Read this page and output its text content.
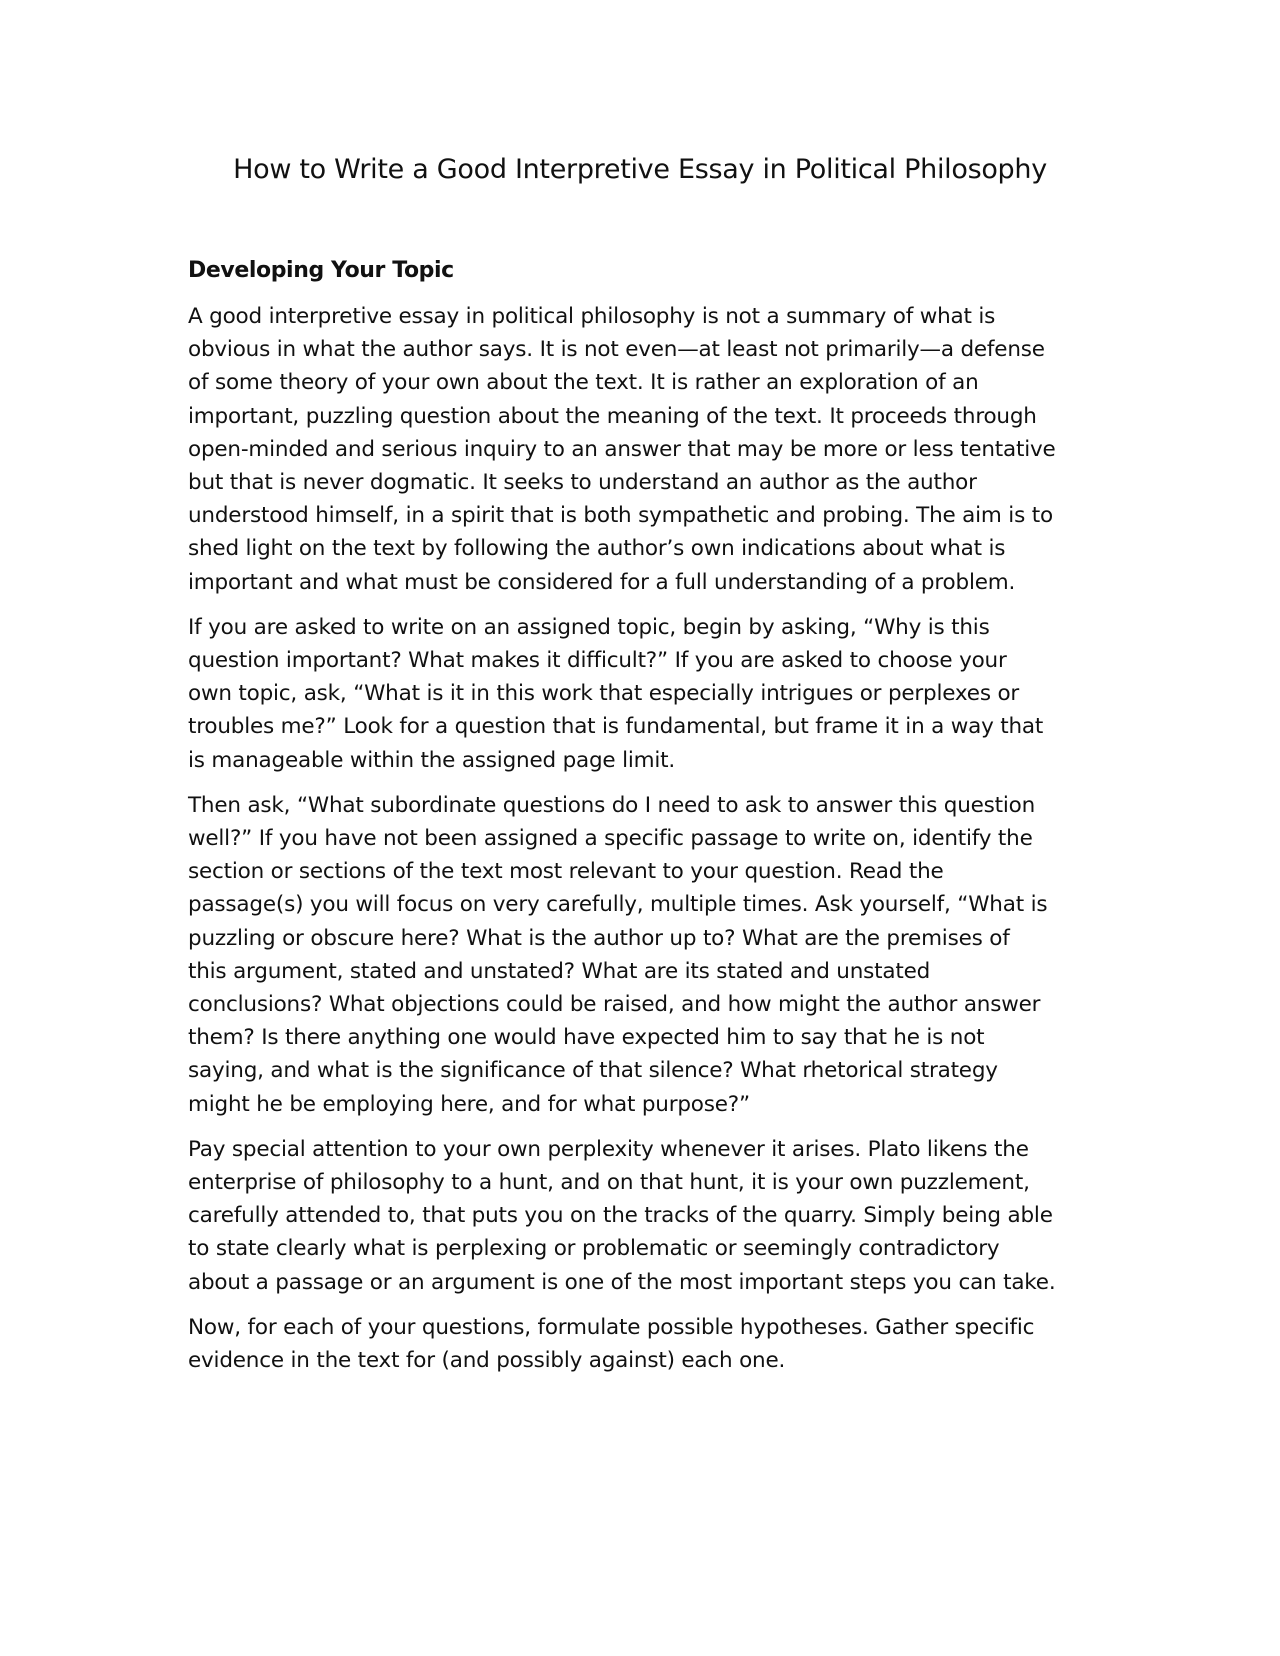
How to Write a Good Interpretive Essay in Political Philosophy
Developing Your Topic

A good interpretive essay in political philosophy is not a summary of what is
obvious in what the author says. It is not even—at least not primarily—a defense
of some theory of your own about the text. It is rather an exploration of an
important, puzzling question about the meaning of the text. It proceeds through
open-minded and serious inquiry to an answer that may be more or less tentative
but that is never dogmatic. It seeks to understand an author as the author
understood himself, in a spirit that is both sympathetic and probing. The aim is to
shed light on the text by following the author’s own indications about what is
important and what must be considered for a full understanding of a problem.

If you are asked to write on an assigned topic, begin by asking, “Why is this
question important? What makes it difficult?” If you are asked to choose your
own topic, ask, “What is it in this work that especially intrigues or perplexes or
troubles me?” Look for a question that is fundamental, but frame it in a way that
is manageable within the assigned page limit.

Then ask, “What subordinate questions do I need to ask to answer this question
well?” If you have not been assigned a specific passage to write on, identify the
section or sections of the text most relevant to your question. Read the
passage(s) you will focus on very carefully, multiple times. Ask yourself, “What is
puzzling or obscure here? What is the author up to? What are the premises of
this argument, stated and unstated? What are its stated and unstated
conclusions? What objections could be raised, and how might the author answer
them? Is there anything one would have expected him to say that he is not
saying, and what is the significance of that silence? What rhetorical strategy
might he be employing here, and for what purpose?”

Pay special attention to your own perplexity whenever it arises. Plato likens the
enterprise of philosophy to a hunt, and on that hunt, it is your own puzzlement,
carefully attended to, that puts you on the tracks of the quarry. Simply being able
to state clearly what is perplexing or problematic or seemingly contradictory
about a passage or an argument is one of the most important steps you can take.

Now, for each of your questions, formulate possible hypotheses. Gather specific
evidence in the text for (and possibly against) each one.
